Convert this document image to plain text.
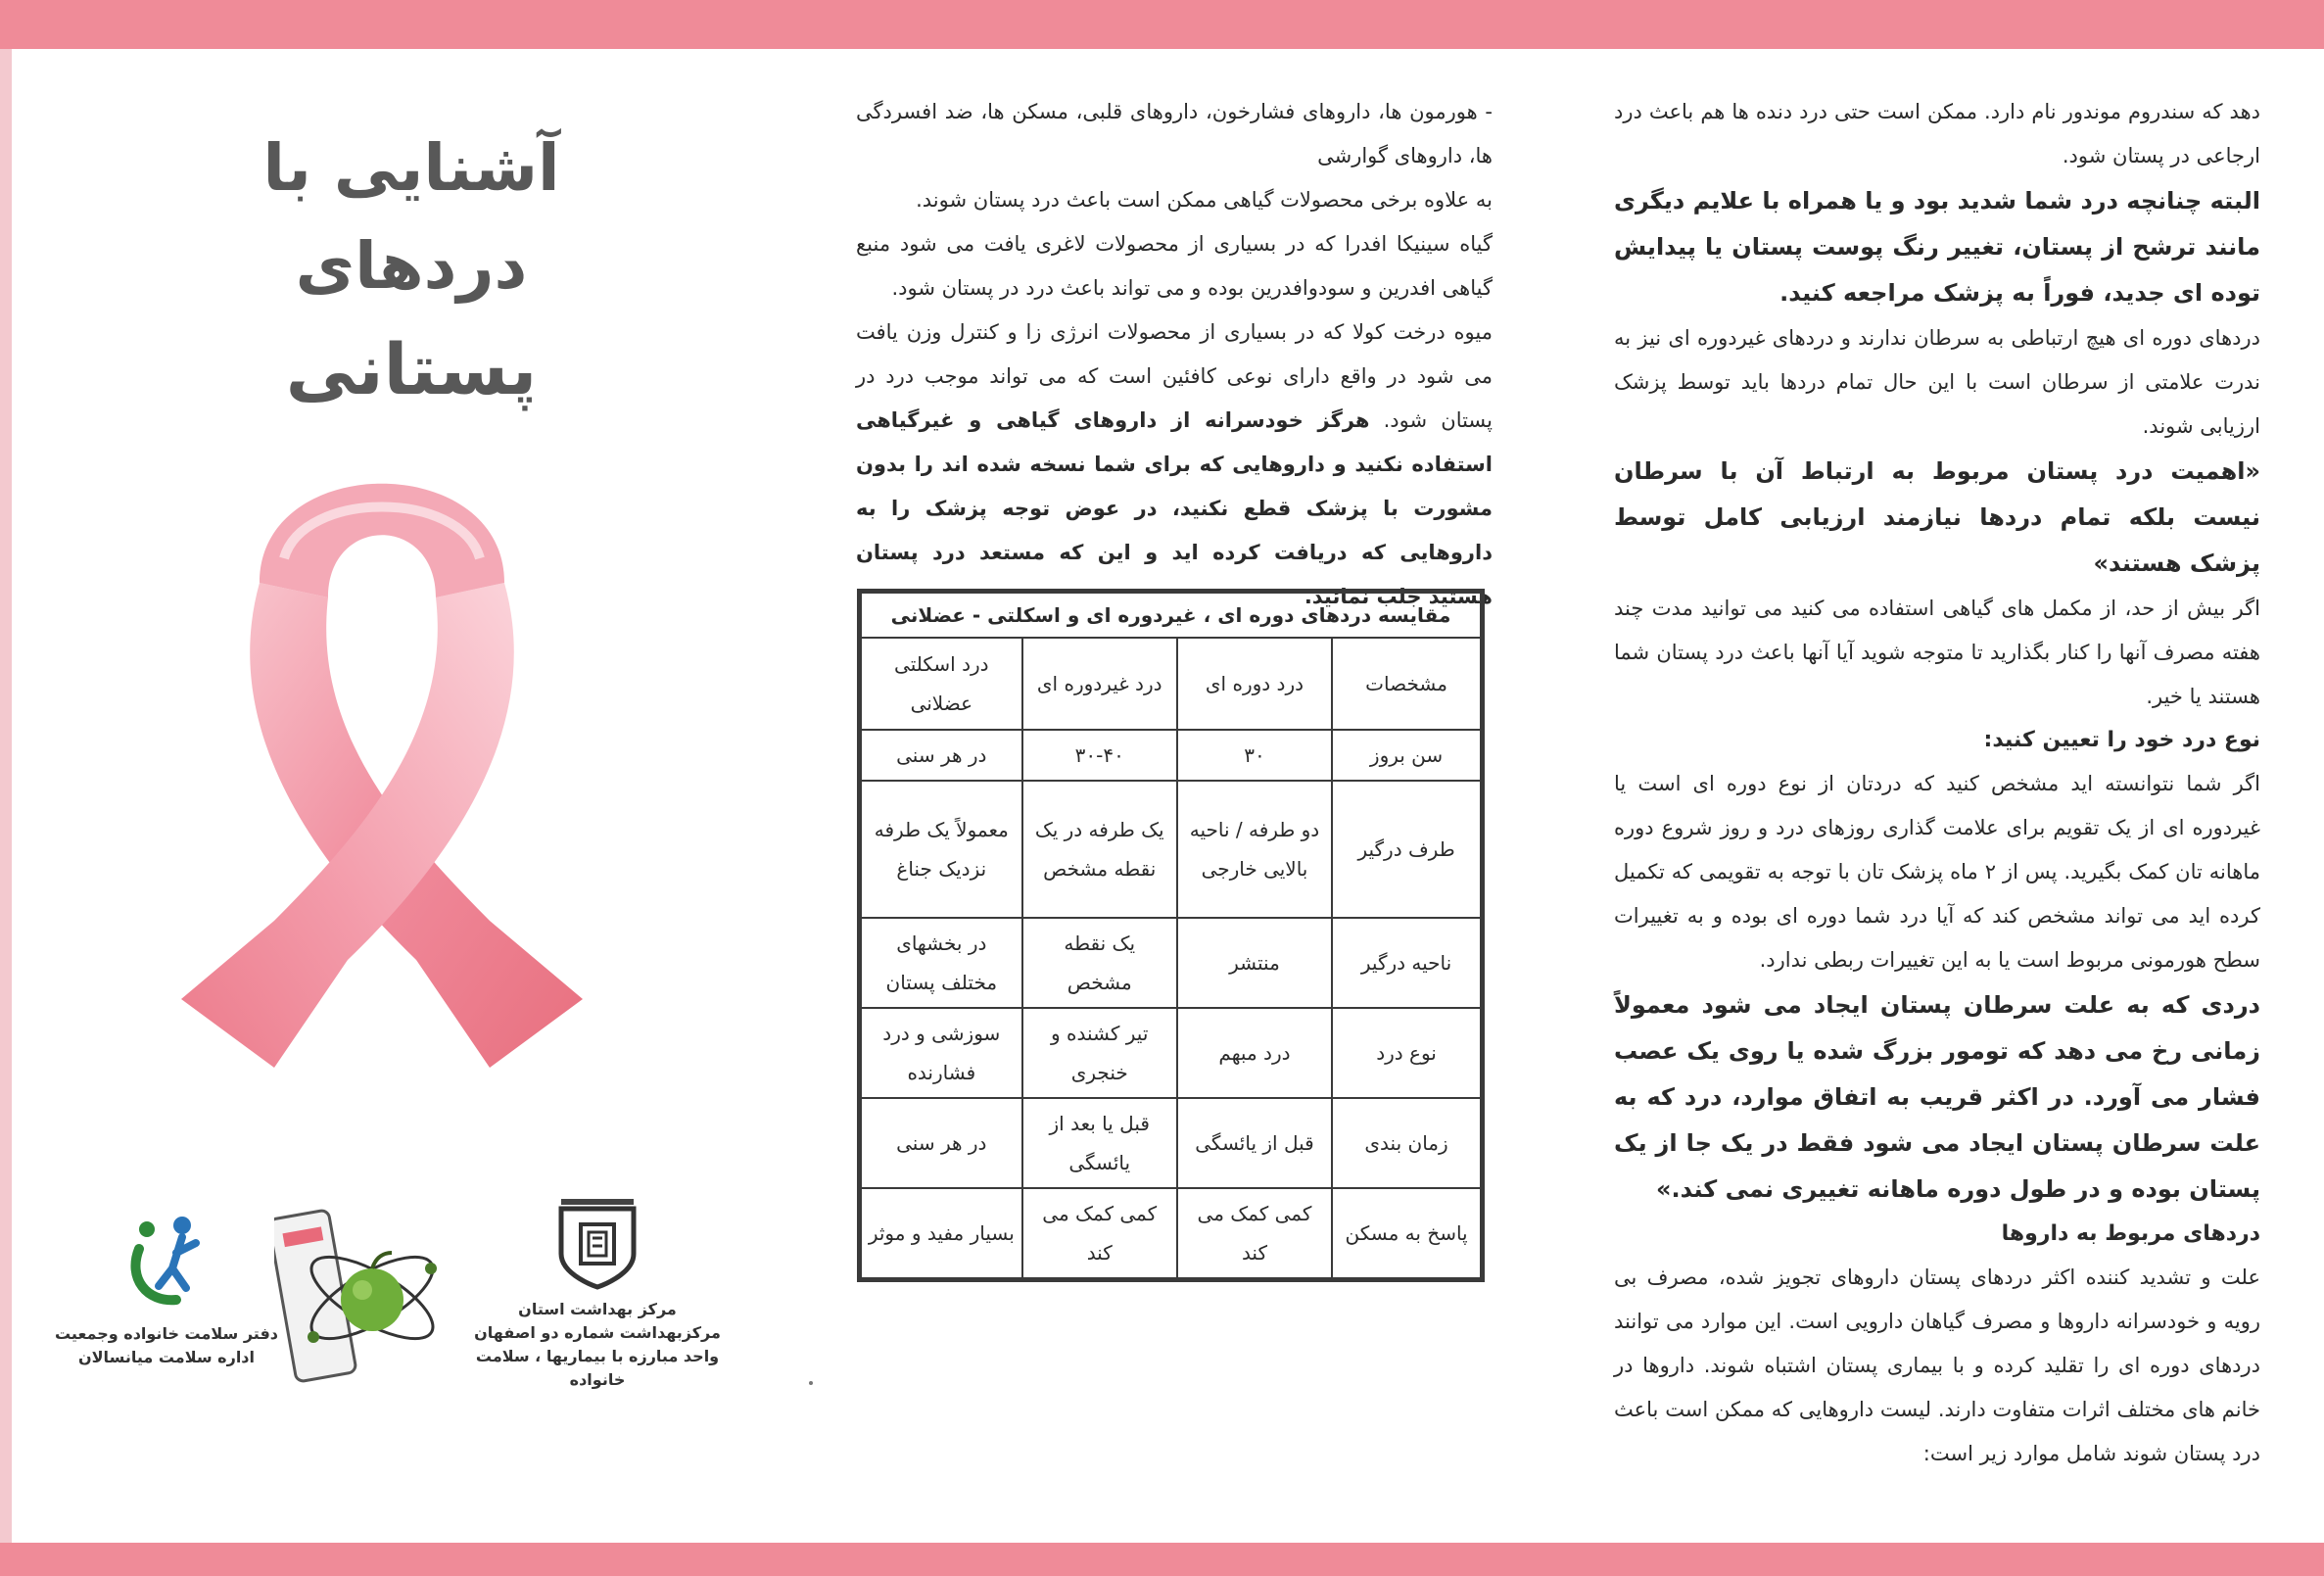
دهد که سندروم موندور نام دارد. ممکن است حتی درد دنده ها هم باعث درد ارجاعی در پستان شود.

البته چنانچه درد شما شدید بود و یا همراه با علایم دیگری مانند ترشح از پستان، تغییر رنگ پوست پستان یا پیدایش توده ای جدید، فوراً به پزشک مراجعه کنید.

دردهای دوره ای هیچ ارتباطی به سرطان ندارند و دردهای غیردوره ای نیز به ندرت علامتی از سرطان است با این حال تمام دردها باید توسط پزشک ارزیابی شوند.

«اهمیت درد پستان مربوط به ارتباط آن با سرطان نیست بلکه تمام دردها نیازمند ارزیابی کامل توسط پزشک هستند»

اگر بیش از حد، از مکمل های گیاهی استفاده می کنید می توانید مدت چند هفته مصرف آنها را کنار بگذارید تا متوجه شوید آیا آنها باعث درد پستان شما هستند یا خیر.

نوع درد خود را تعیین کنید:

اگر شما نتوانسته اید مشخص کنید که دردتان از نوع دوره ای است یا غیردوره ای از یک تقویم برای علامت گذاری روزهای درد و روز شروع دوره ماهانه تان کمک بگیرید. پس از ۲ ماه پزشک تان با توجه به تقویمی که تکمیل کرده اید می تواند مشخص کند که آیا درد شما دوره ای بوده و به تغییرات سطح هورمونی مربوط است یا به این تغییرات ربطی ندارد.

دردی که به علت سرطان پستان ایجاد می شود معمولاً زمانی رخ می دهد که تومور بزرگ شده یا روی یک عصب فشار می آورد. در اکثر قریب به اتفاق موارد، درد که به علت سرطان پستان ایجاد می شود فقط در یک جا از یک پستان بوده و در طول دوره ماهانه تغییری نمی کند.»

دردهای مربوط به داروها

علت و تشدید کننده اکثر دردهای پستان داروهای تجویز شده، مصرف بی رویه و خودسرانه داروها و مصرف گیاهان دارویی است. این موارد می توانند دردهای دوره ای را تقلید کرده و با بیماری پستان اشتباه شوند. داروها در خانم های مختلف اثرات متفاوت دارند. لیست داروهایی که ممکن است باعث درد پستان شوند شامل موارد زیر است:

- هورمون ها، داروهای فشارخون، داروهای قلبی، مسکن ها، ضد افسردگی ها، داروهای گوارشی

به علاوه برخی محصولات گیاهی ممکن است باعث درد پستان شوند.

گیاه سینیکا افدرا که در بسیاری از محصولات لاغری یافت می شود منبع گیاهی افدرین و سودوافدرین بوده و می تواند باعث درد در پستان شود.

میوه درخت کولا که در بسیاری از محصولات انرژی زا و کنترل وزن یافت می شود در واقع دارای نوعی کافئین است که می تواند موجب درد در پستان شود. هرگز خودسرانه از داروهای گیاهی و غیرگیاهی استفاده نکنید و داروهایی که برای شما نسخه شده اند را بدون مشورت با پزشک قطع نکنید، در عوض توجه پزشک را به داروهایی که دریافت کرده اید و این که مستعد درد پستان هستید جلب نمائید.

مقایسه دردهای دوره ای ، غیردوره ای و اسکلتی - عضلانی			
مشخصات	درد دوره ای	درد غیردوره ای	درد اسکلتی عضلانی
سن بروز	۳۰	۳۰-۴۰	در هر سنی
طرف درگیر	دو طرفه / ناحیه بالایی خارجی	یک طرفه در یک نقطه مشخص	معمولاً یک طرفه نزدیک جناغ
ناحیه درگیر	منتشر	یک نقطه مشخص	در بخشهای مختلف پستان
نوع درد	درد مبهم	تیر کشنده و خنجری	سوزشی و درد فشارنده
زمان بندی	قبل از یائسگی	قبل یا بعد از یائسگی	در هر سنی
پاسخ به مسکن	کمی کمک می کند	کمی کمک می کند	بسیار مفید و موثر
آشنایی با دردهای
پستانی
مرکز بهداشت استان
مرکزبهداشت شماره دو اصفهان
واحد مبارزه با بیماریها ، سلامت خانواده
دفتر سلامت خانواده وجمعیت
اداره سلامت میانسالان
